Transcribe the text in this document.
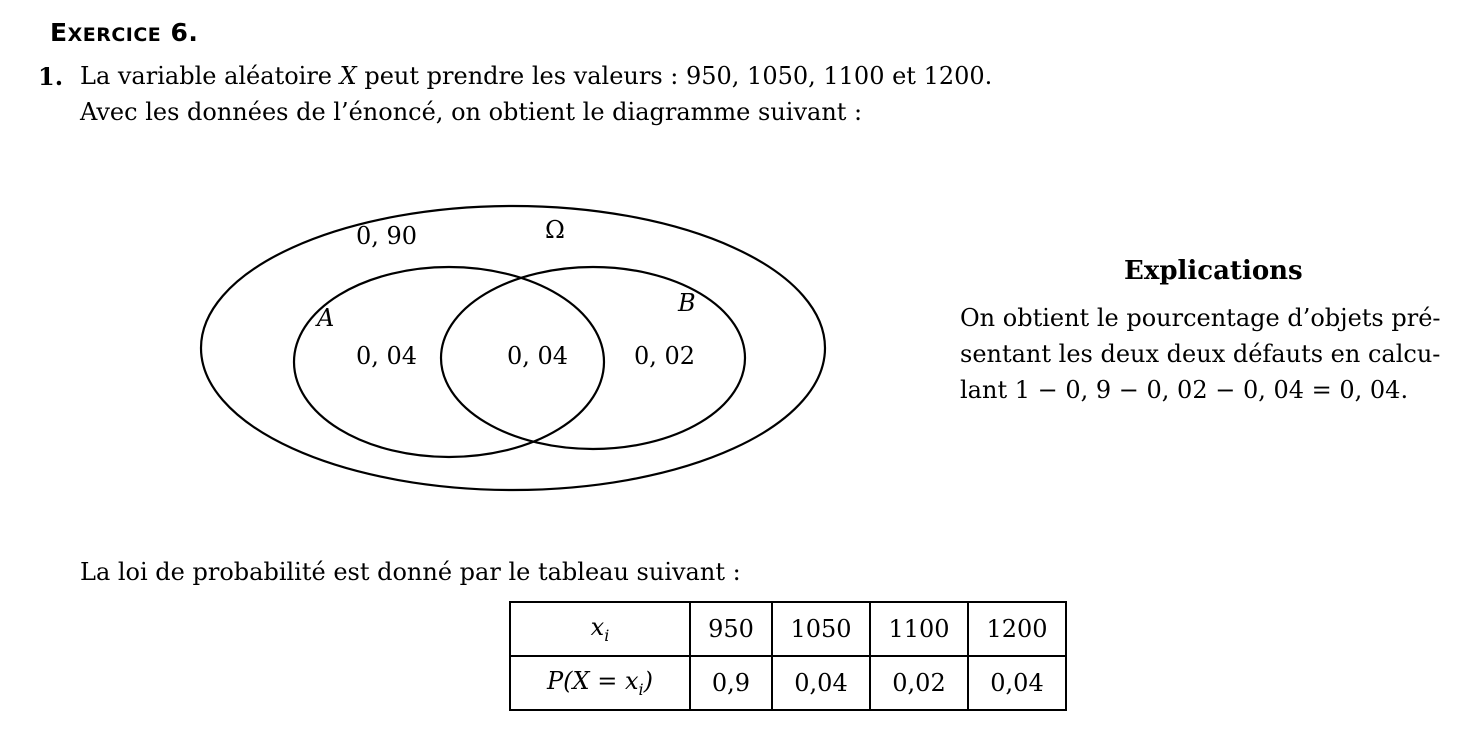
EXERCICE 6.
1. La variable aléatoire X peut prendre les valeurs : 950, 1050, 1100 et 1200.
Avec les données de l’énoncé, on obtient le diagramme suivant :
Ω
0, 90
A
B
0, 04	0, 04	0, 02
Explications
On obtient le pourcentage d’objets pré-
sentant les deux deux défauts en calcu-
lant 1 − 0, 9 − 0, 02 − 0, 04 = 0, 04.
La loi de probabilité est donné par le tableau suivant :
$x_i$	950	1050	1100	1200
$P(X = x_i)$	0,9	0,04	0,02	0,04
